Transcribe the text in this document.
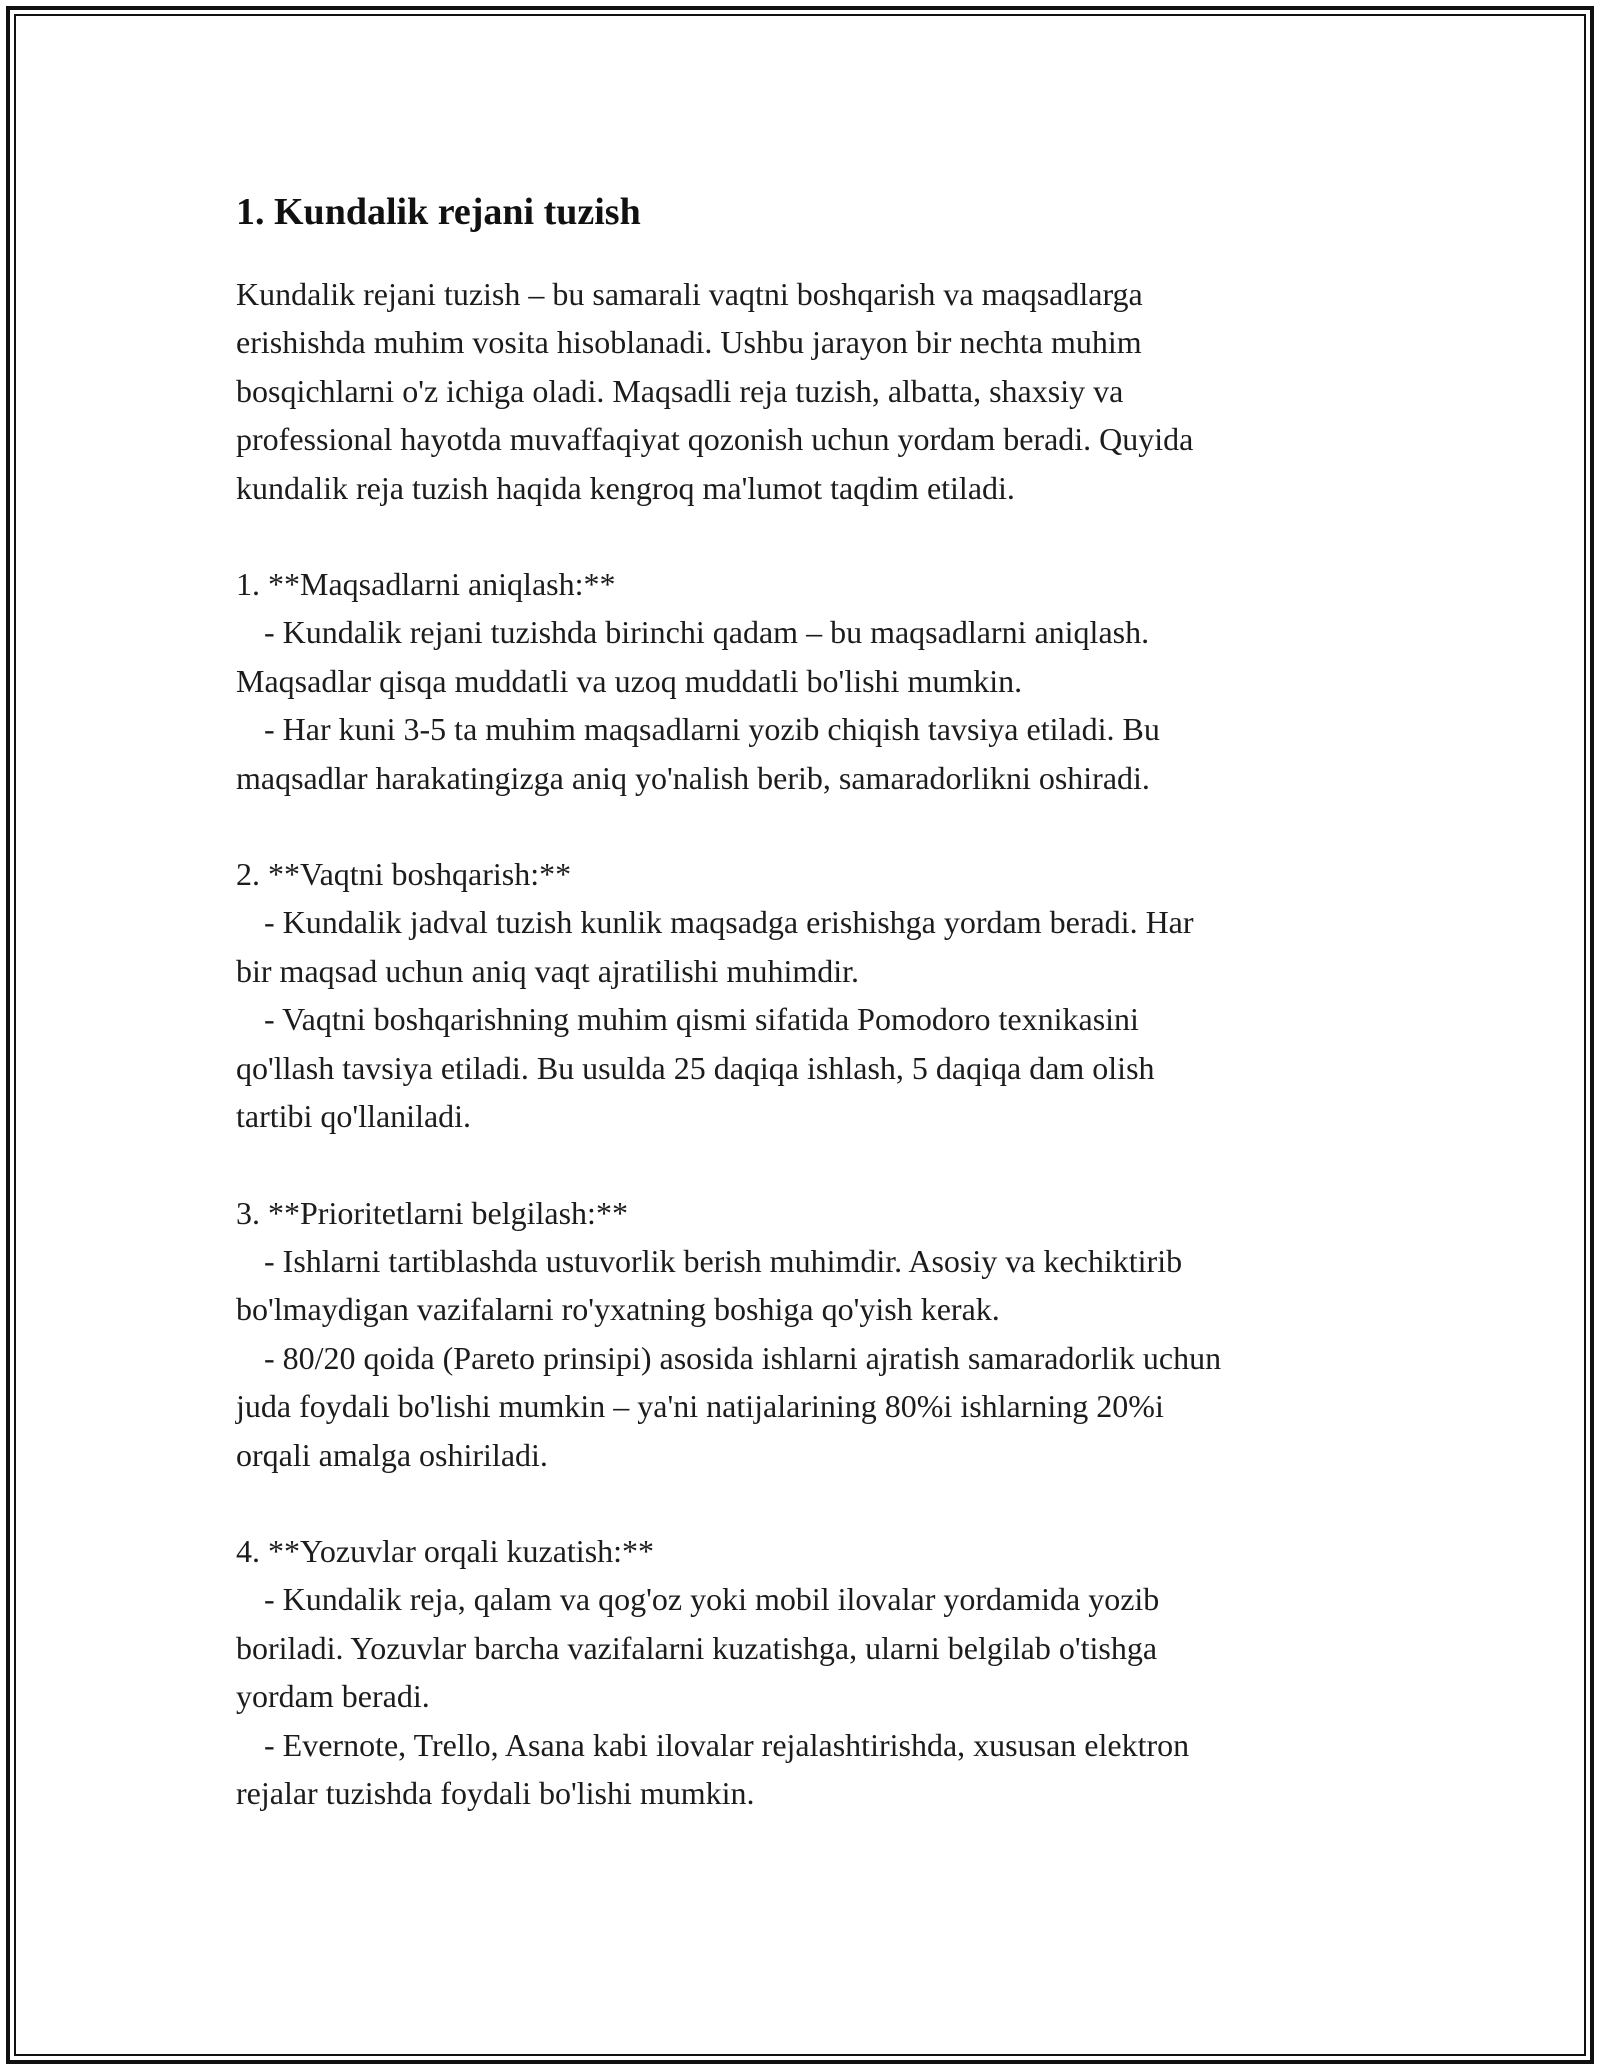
1. Kundalik rejani tuzish

Kundalik rejani tuzish – bu samarali vaqtni boshqarish va maqsadlarga
erishishda muhim vosita hisoblanadi. Ushbu jarayon bir nechta muhim
bosqichlarni o'z ichiga oladi. Maqsadli reja tuzish, albatta, shaxsiy va
professional hayotda muvaffaqiyat qozonish uchun yordam beradi. Quyida
kundalik reja tuzish haqida kengroq ma'lumot taqdim etiladi.

1. **Maqsadlarni aniqlash:**

- Kundalik rejani tuzishda birinchi qadam – bu maqsadlarni aniqlash.
Maqsadlar qisqa muddatli va uzoq muddatli bo'lishi mumkin.

- Har kuni 3-5 ta muhim maqsadlarni yozib chiqish tavsiya etiladi. Bu
maqsadlar harakatingizga aniq yo'nalish berib, samaradorlikni oshiradi.

2. **Vaqtni boshqarish:**

- Kundalik jadval tuzish kunlik maqsadga erishishga yordam beradi. Har
bir maqsad uchun aniq vaqt ajratilishi muhimdir.

- Vaqtni boshqarishning muhim qismi sifatida Pomodoro texnikasini
qo'llash tavsiya etiladi. Bu usulda 25 daqiqa ishlash, 5 daqiqa dam olish
tartibi qo'llaniladi.

3. **Prioritetlarni belgilash:**

- Ishlarni tartiblashda ustuvorlik berish muhimdir. Asosiy va kechiktirib
bo'lmaydigan vazifalarni ro'yxatning boshiga qo'yish kerak.

- 80/20 qoida (Pareto prinsipi) asosida ishlarni ajratish samaradorlik uchun
juda foydali bo'lishi mumkin – ya'ni natijalarining 80%i ishlarning 20%i
orqali amalga oshiriladi.

4. **Yozuvlar orqali kuzatish:**

- Kundalik reja, qalam va qog'oz yoki mobil ilovalar yordamida yozib
boriladi. Yozuvlar barcha vazifalarni kuzatishga, ularni belgilab o'tishga
yordam beradi.

- Evernote, Trello, Asana kabi ilovalar rejalashtirishda, xususan elektron
rejalar tuzishda foydali bo'lishi mumkin.
